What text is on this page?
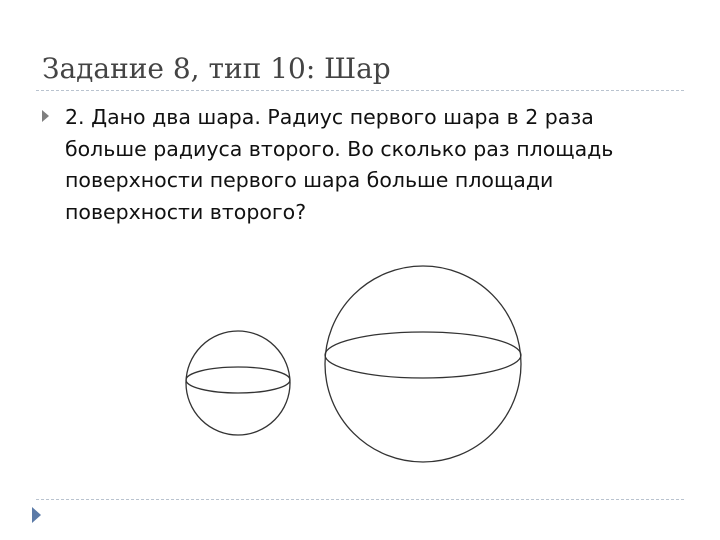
Задание 8, тип 10: Шар
2. Дано два шара. Радиус первого шара в 2 раза больше радиуса второго. Во сколько раз площадь поверхности первого шара больше площади поверхности второго?
